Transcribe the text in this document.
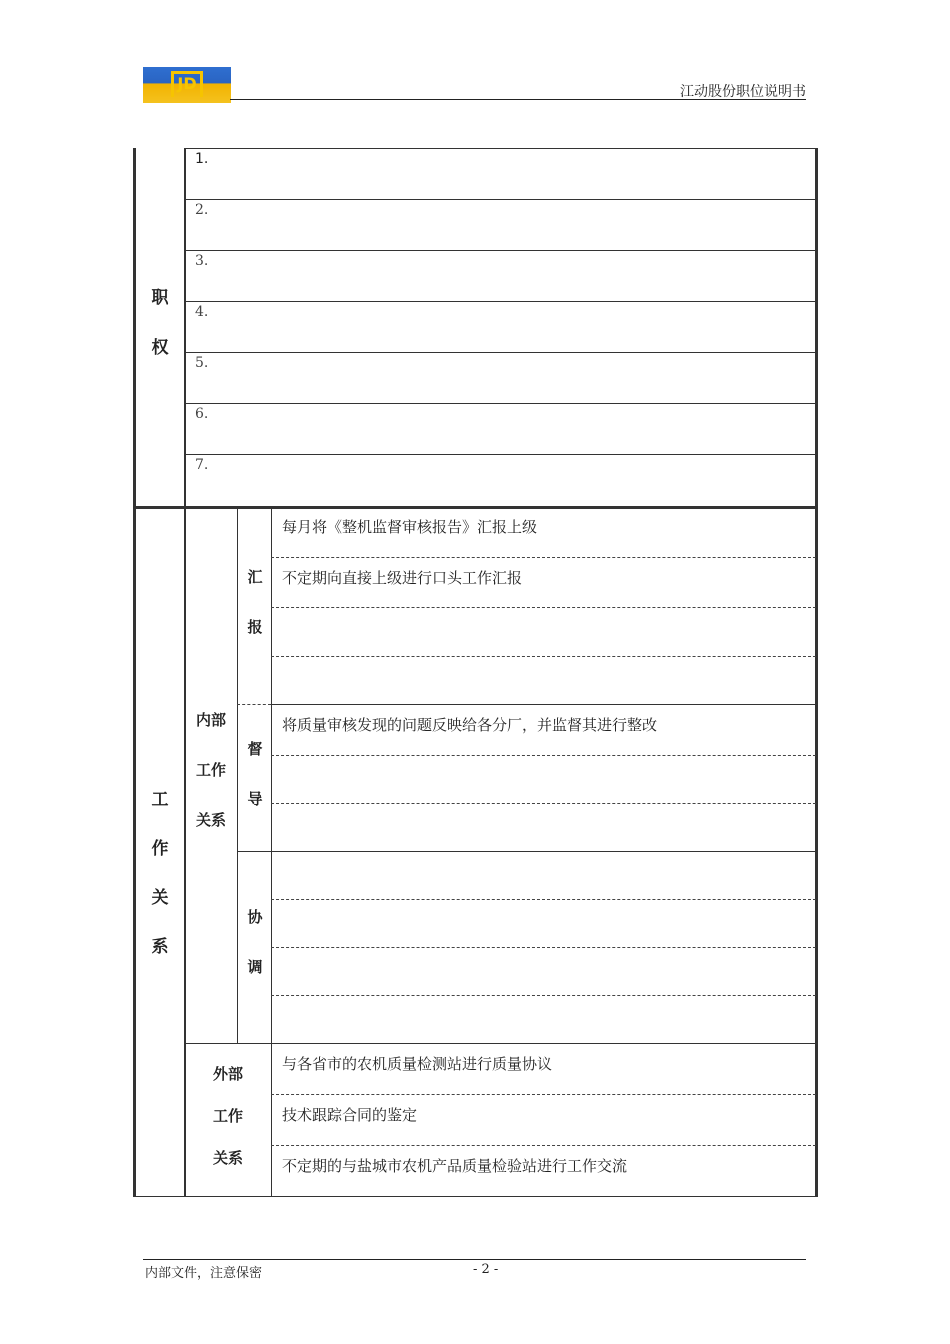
JD	江动股份职位说明书
职
权
1.
2.
3.
4.
5.
6.
7.
工
作
关
系
内部
工作
关系
汇
报
每月将《整机监督审核报告》汇报上级
不定期向直接上级进行口头工作汇报
督
导
将质量审核发现的问题反映给各分厂，并监督其进行整改
协
调
外部
工作
关系
与各省市的农机质量检测站进行质量协议
技术跟踪合同的鉴定
不定期的与盐城市农机产品质量检验站进行工作交流
内部文件，注意保密	- 2 -
